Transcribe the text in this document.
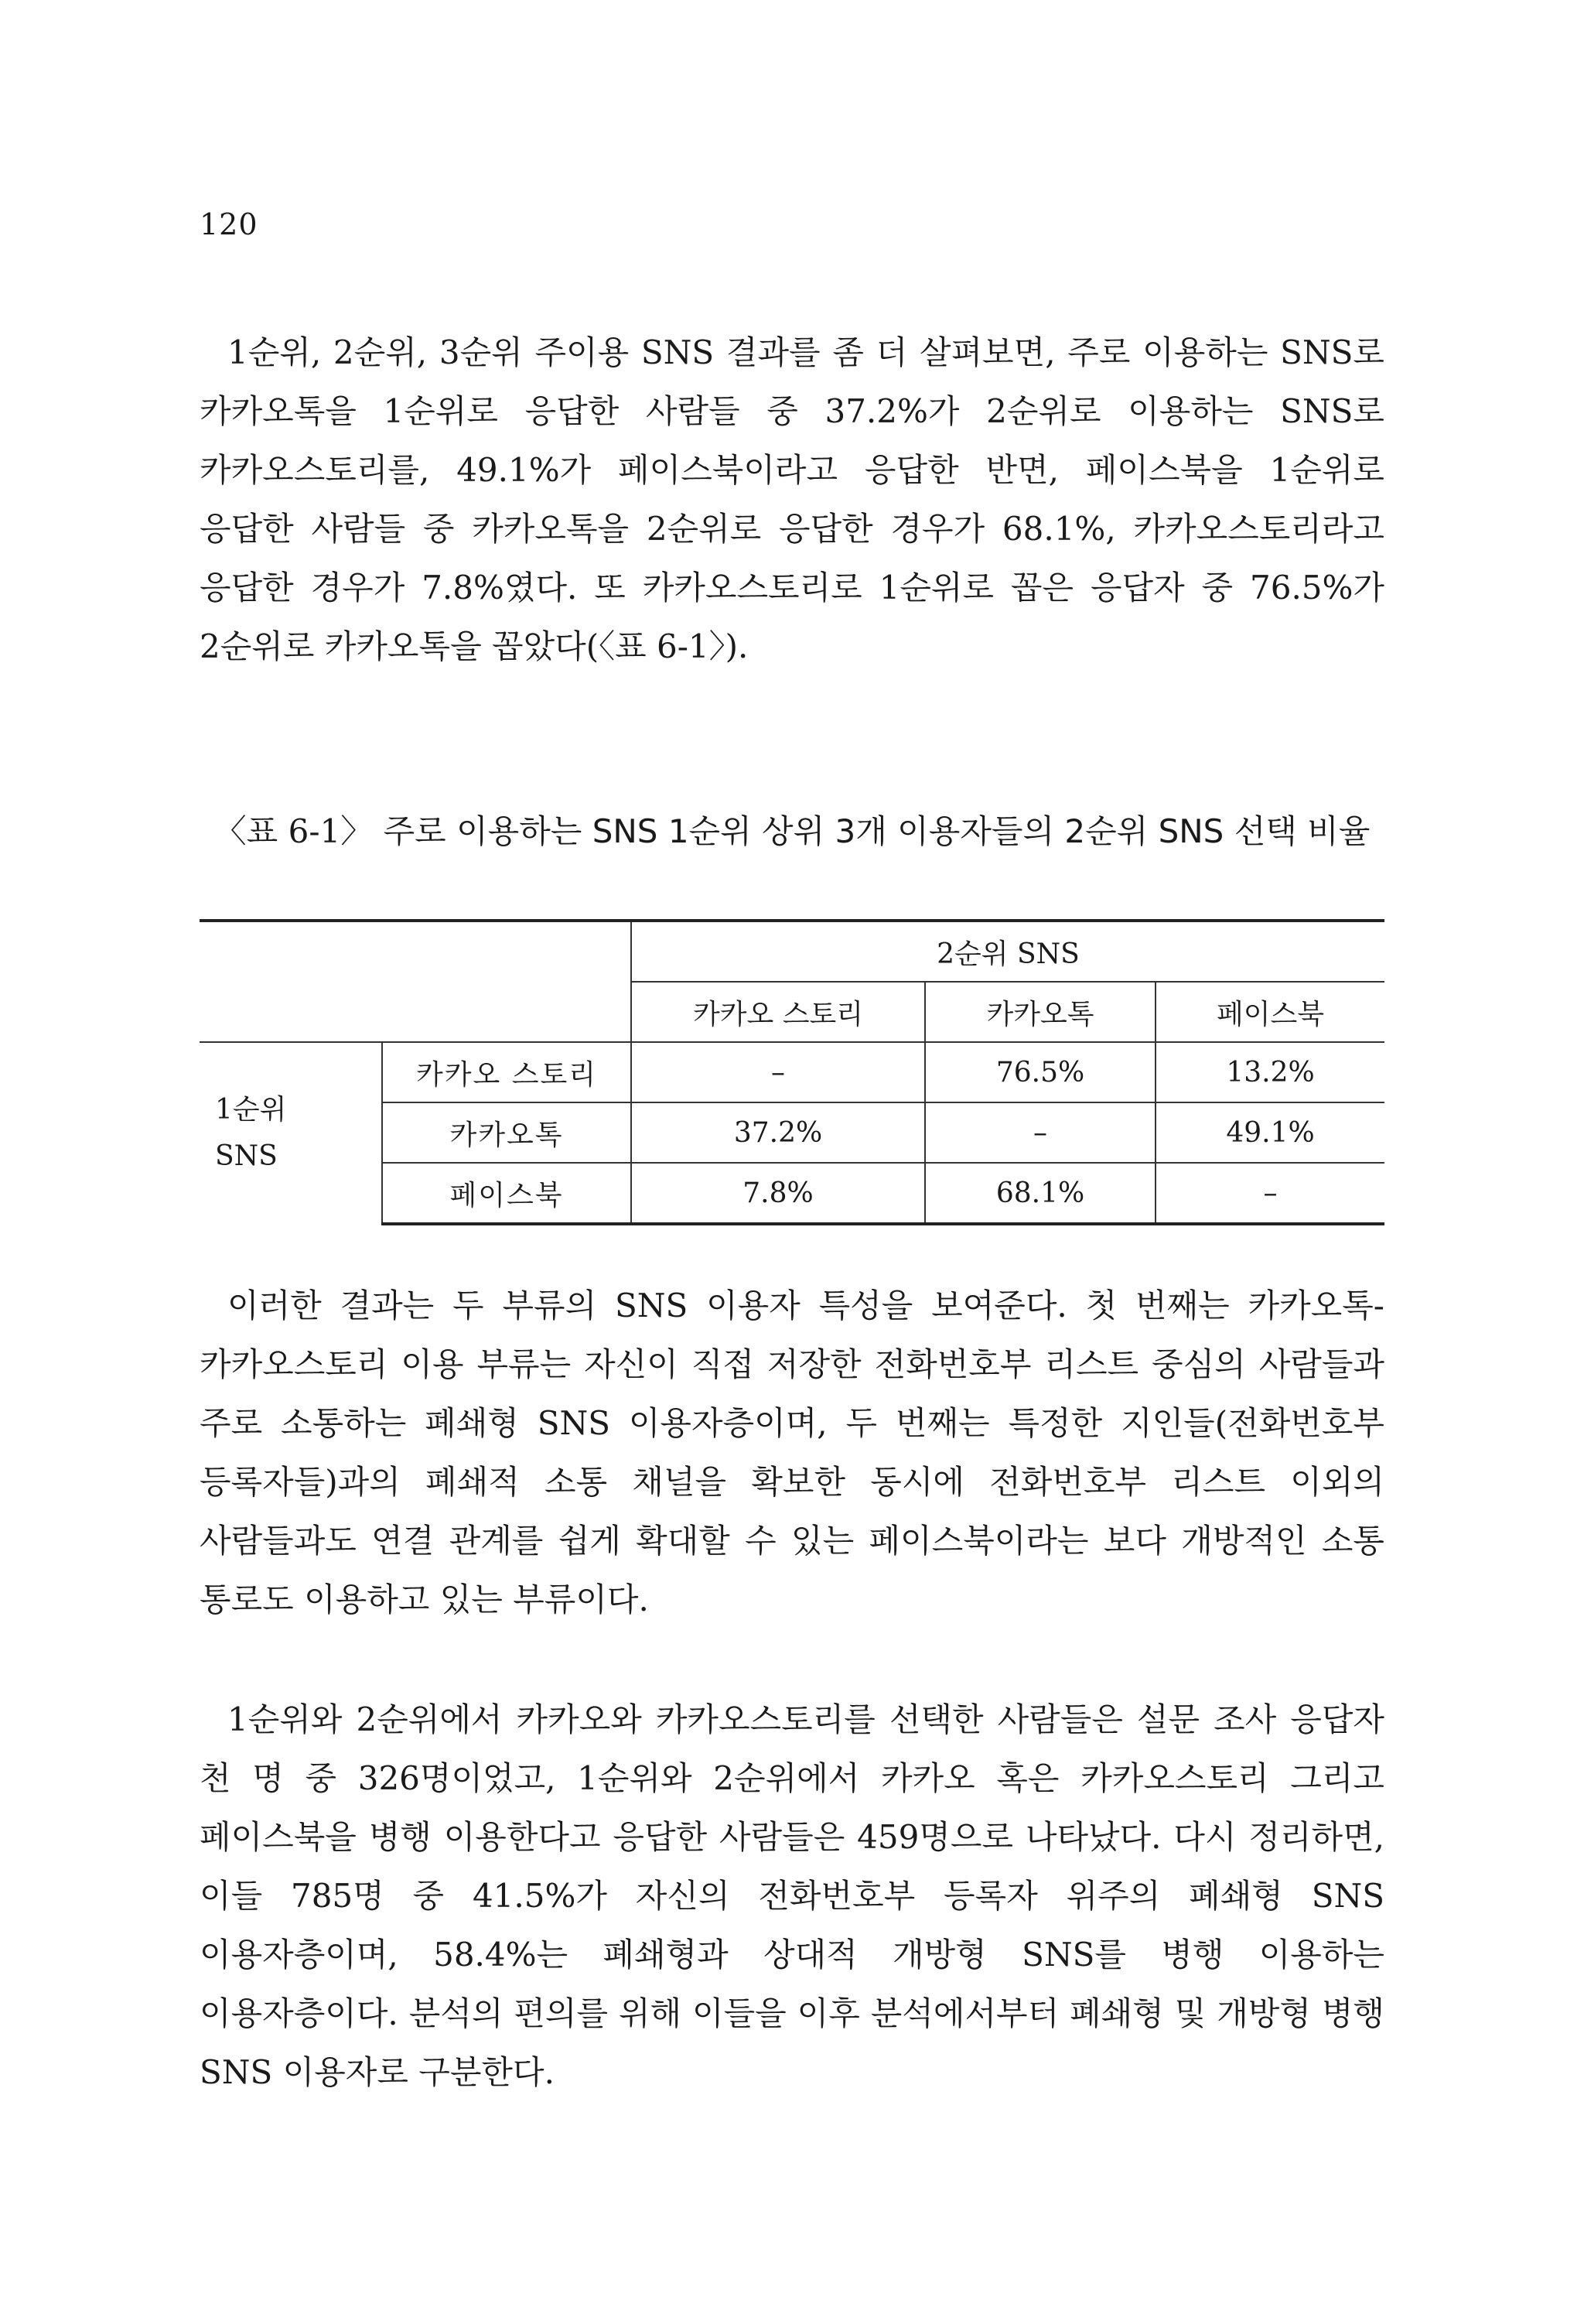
120

1순위, 2순위, 3순위 주이용 SNS 결과를 좀 더 살펴보면, 주로 이용하는 SNS로 카카오톡을 1순위로 응답한 사람들 중 37.2%가 2순위로 이용하는 SNS로 카카오스토리를, 49.1%가 페이스북이라고 응답한 반면, 페이스북을 1순위로 응답한 사람들 중 카카오톡을 2순위로 응답한 경우가 68.1%, 카카오스토리라고 응답한 경우가 7.8%였다. 또 카카오스토리로 1순위로 꼽은 응답자 중 76.5%가 2순위로 카카오톡을 꼽았다(〈표 6-1〉).

〈표 6-1〉 주로 이용하는 SNS 1순위 상위 3개 이용자들의 2순위 SNS 선택 비율
		2순위 SNS		
		카카오 스토리	카카오톡	페이스북
1순위
SNS	카카오 스토리	–	76.5%	13.2%
	카카오톡	37.2%	–	49.1%
	페이스북	7.8%	68.1%	–

이러한 결과는 두 부류의 SNS 이용자 특성을 보여준다. 첫 번째는 카카오톡-카카오스토리 이용 부류는 자신이 직접 저장한 전화번호부 리스트 중심의 사람들과 주로 소통하는 폐쇄형 SNS 이용자층이며, 두 번째는 특정한 지인들(전화번호부 등록자들)과의 폐쇄적 소통 채널을 확보한 동시에 전화번호부 리스트 이외의 사람들과도 연결 관계를 쉽게 확대할 수 있는 페이스북이라는 보다 개방적인 소통 통로도 이용하고 있는 부류이다.

1순위와 2순위에서 카카오와 카카오스토리를 선택한 사람들은 설문 조사 응답자 천 명 중 326명이었고, 1순위와 2순위에서 카카오 혹은 카카오스토리 그리고 페이스북을 병행 이용한다고 응답한 사람들은 459명으로 나타났다. 다시 정리하면, 이들 785명 중 41.5%가 자신의 전화번호부 등록자 위주의 폐쇄형 SNS 이용자층이며, 58.4%는 폐쇄형과 상대적 개방형 SNS를 병행 이용하는 이용자층이다. 분석의 편의를 위해 이들을 이후 분석에서부터 폐쇄형 및 개방형 병행 SNS 이용자로 구분한다.
